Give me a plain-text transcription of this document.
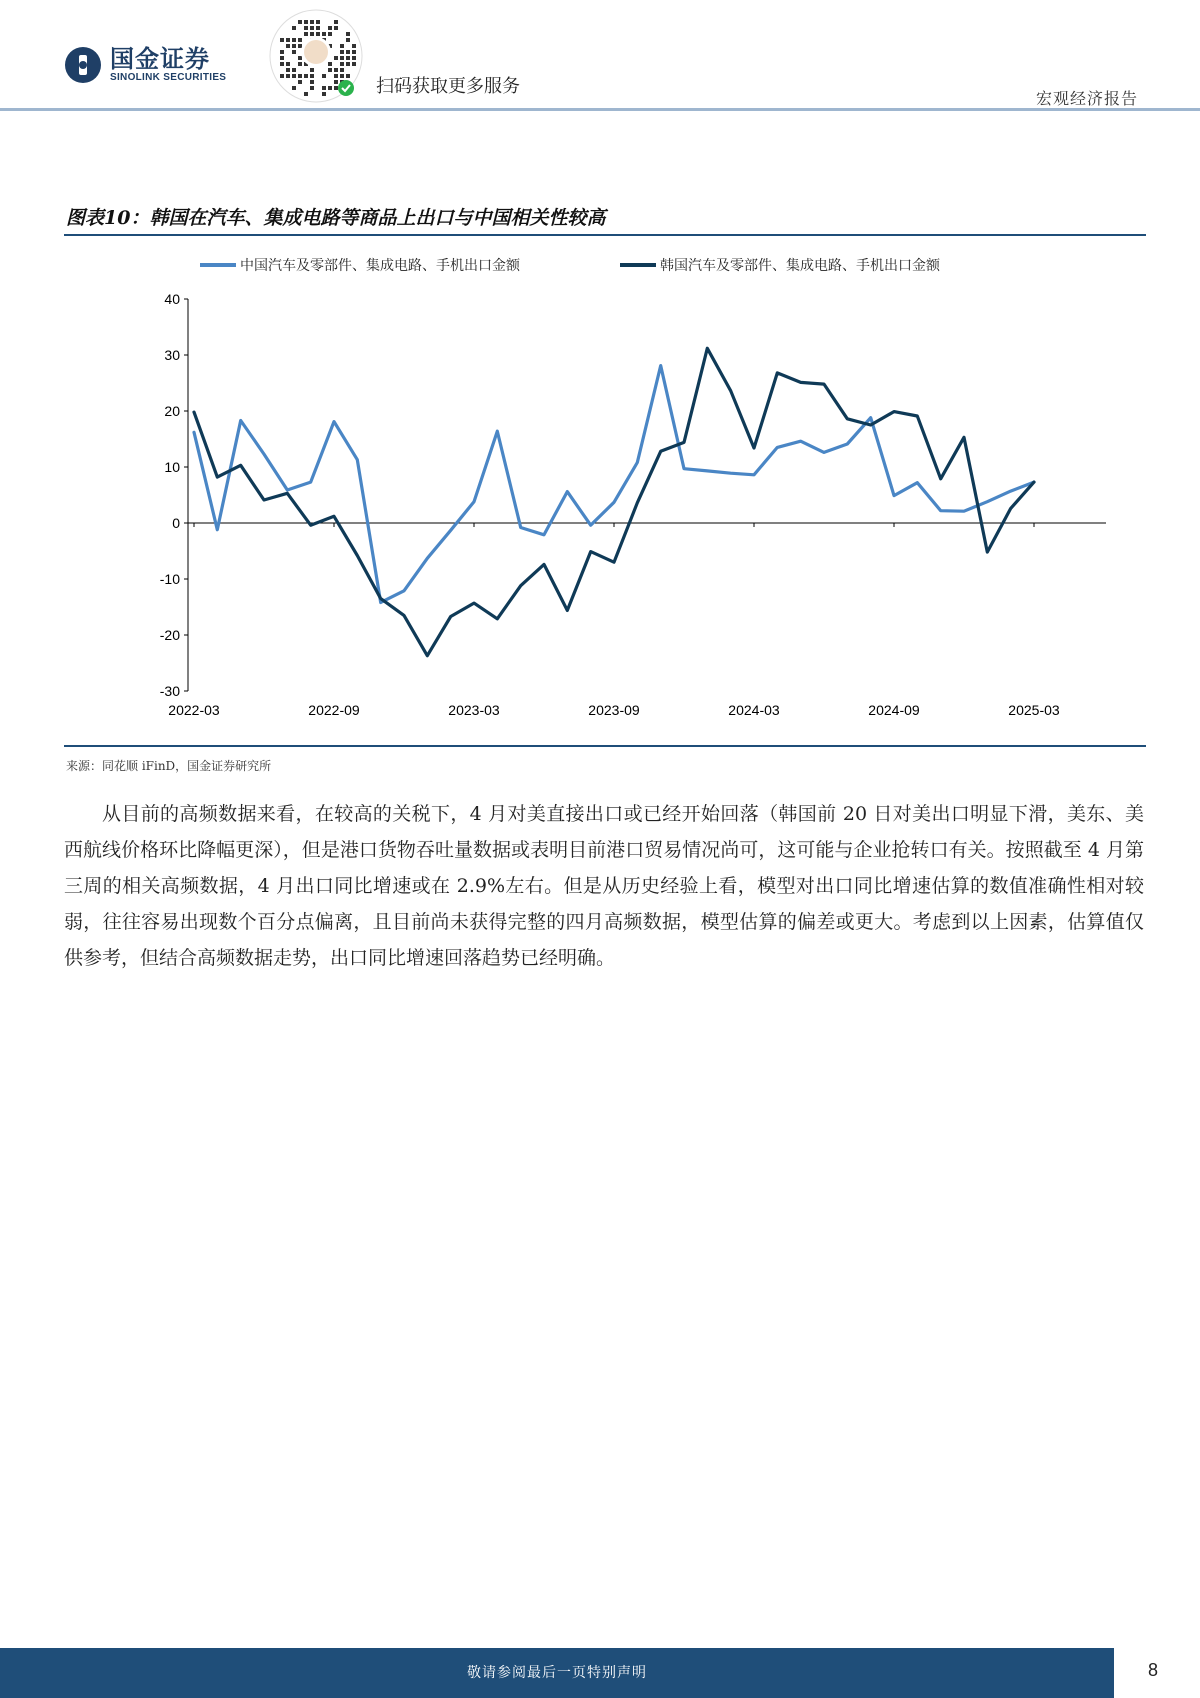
国金证券
SINOLINK SECURITIES	扫码获取更多服务
宏观经济报告
图表10：韩国在汽车、集成电路等商品上出口与中国相关性较高
40
30
20
10
0
-10
-20
-30
2022-03	2022-09	2023-03	2023-09	2024-03	2024-09	2025-03
中国汽车及零部件、集成电路、手机出口金额	韩国汽车及零部件、集成电路、手机出口金额
来源：同花顺 iFinD，国金证券研究所
从目前的高频数据来看，在较高的关税下，4 月对美直接出口或已经开始回落（韩国前 20 日对美出口明显下滑，美东、美西航线价格环比降幅更深），但是港口货物吞吐量数据或表明目前港口贸易情况尚可，这可能与企业抢转口有关。按照截至 4 月第三周的相关高频数据，4 月出口同比增速或在 2.9%左右。但是从历史经验上看，模型对出口同比增速估算的数值准确性相对较弱，往往容易出现数个百分点偏离，且目前尚未获得完整的四月高频数据，模型估算的偏差或更大。考虑到以上因素，估算值仅供参考，但结合高频数据走势，出口同比增速回落趋势已经明确。
敬请参阅最后一页特别声明	8
